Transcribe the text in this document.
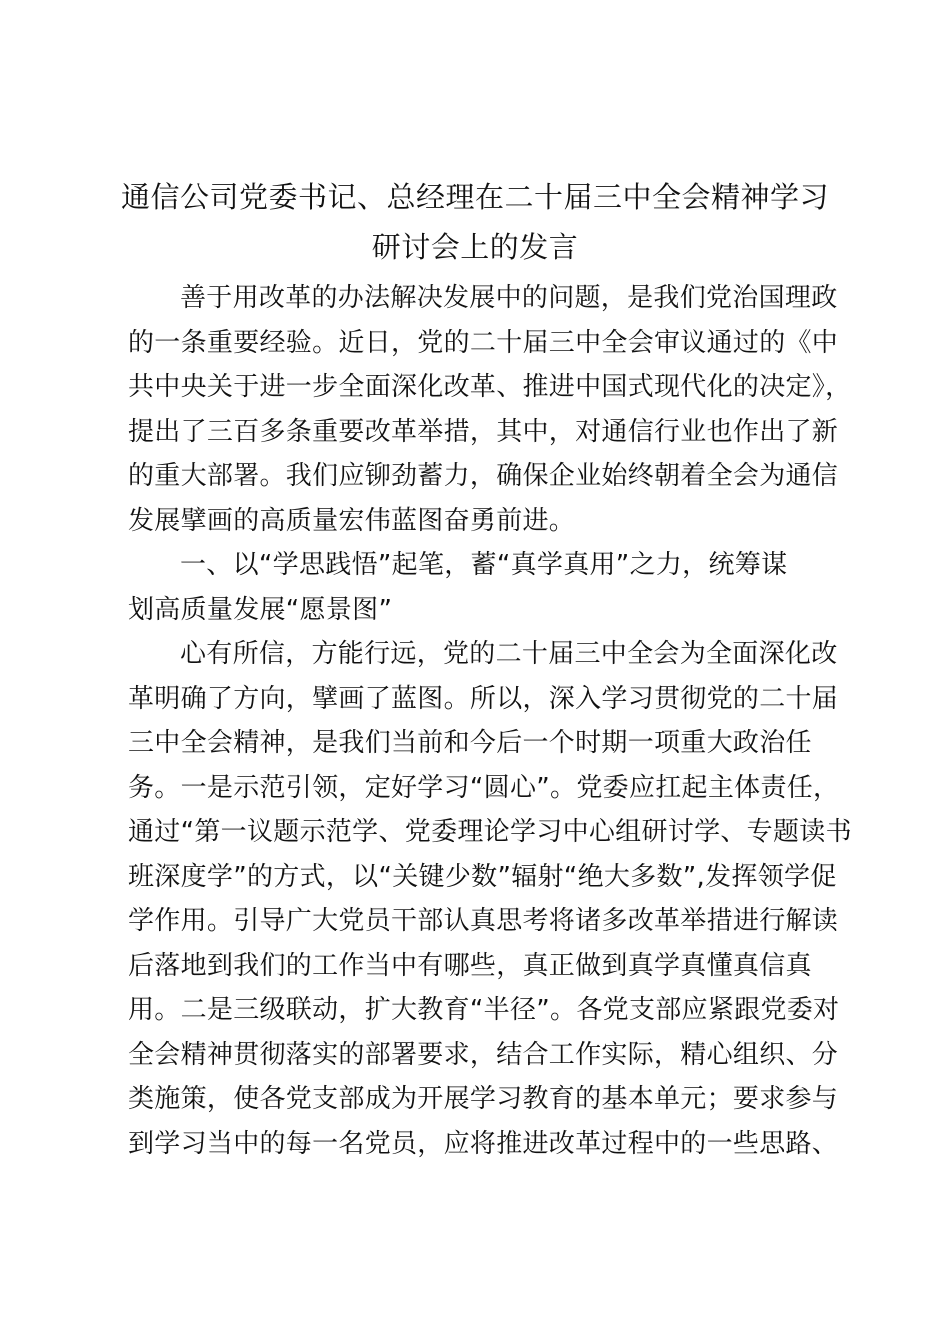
通信公司党委书记、总经理在二十届三中全会精神学习
研讨会上的发言
善于用改革的办法解决发展中的问题，是我们党治国理政
的一条重要经验。近日，党的二十届三中全会审议通过的《中
共中央关于进一步全面深化改革、推进中国式现代化的决定》，
提出了三百多条重要改革举措，其中，对通信行业也作出了新
的重大部署。我们应铆劲蓄力，确保企业始终朝着全会为通信
发展擘画的高质量宏伟蓝图奋勇前进。
一、以“学思践悟”起笔，蓄“真学真用”之力，统筹谋
划高质量发展“愿景图”
心有所信，方能行远，党的二十届三中全会为全面深化改
革明确了方向，擘画了蓝图。所以，深入学习贯彻党的二十届
三中全会精神，是我们当前和今后一个时期一项重大政治任
务。一是示范引领，定好学习“圆心”。党委应扛起主体责任，
通过“第一议题示范学、党委理论学习中心组研讨学、专题读书
班深度学”的方式，以“关键少数”辐射“绝大多数”,发挥领学促
学作用。引导广大党员干部认真思考将诸多改革举措进行解读
后落地到我们的工作当中有哪些，真正做到真学真懂真信真
用。二是三级联动，扩大教育“半径”。各党支部应紧跟党委对
全会精神贯彻落实的部署要求，结合工作实际，精心组织、分
类施策，使各党支部成为开展学习教育的基本单元；要求参与
到学习当中的每一名党员，应将推进改革过程中的一些思路、
